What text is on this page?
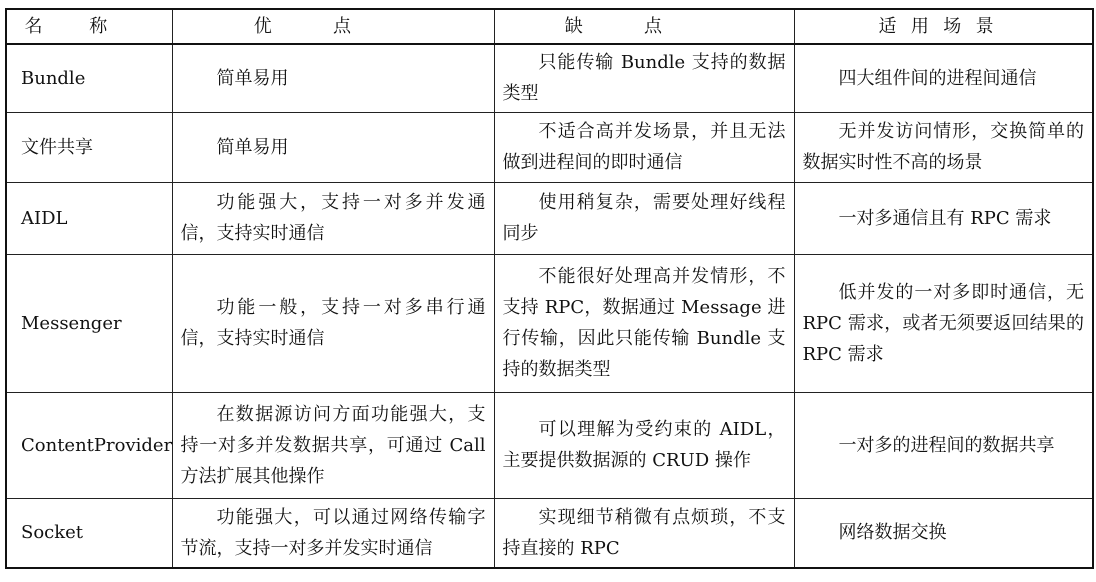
名称	优点	缺点	适用场景
Bundle	简单易用	只能传输 Bundle 支持的数据类型	四大组件间的进程间通信
文件共享	简单易用	不适合高并发场景，并且无法做到进程间的即时通信	无并发访问情形，交换简单的数据实时性不高的场景
AIDL	功能强大，支持一对多并发通信，支持实时通信	使用稍复杂，需要处理好线程同步	一对多通信且有 RPC 需求
Messenger	功能一般，支持一对多串行通信，支持实时通信	不能很好处理高并发情形，不支持 RPC，数据通过 Message 进行传输，因此只能传输 Bundle 支持的数据类型	低并发的一对多即时通信，无 RPC 需求，或者无须要返回结果的 RPC 需求
ContentProvider	在数据源访问方面功能强大，支持一对多并发数据共享，可通过 Call 方法扩展其他操作	可以理解为受约束的 AIDL，主要提供数据源的 CRUD 操作	一对多的进程间的数据共享
Socket	功能强大，可以通过网络传输字节流，支持一对多并发实时通信	实现细节稍微有点烦琐，不支持直接的 RPC	网络数据交换
